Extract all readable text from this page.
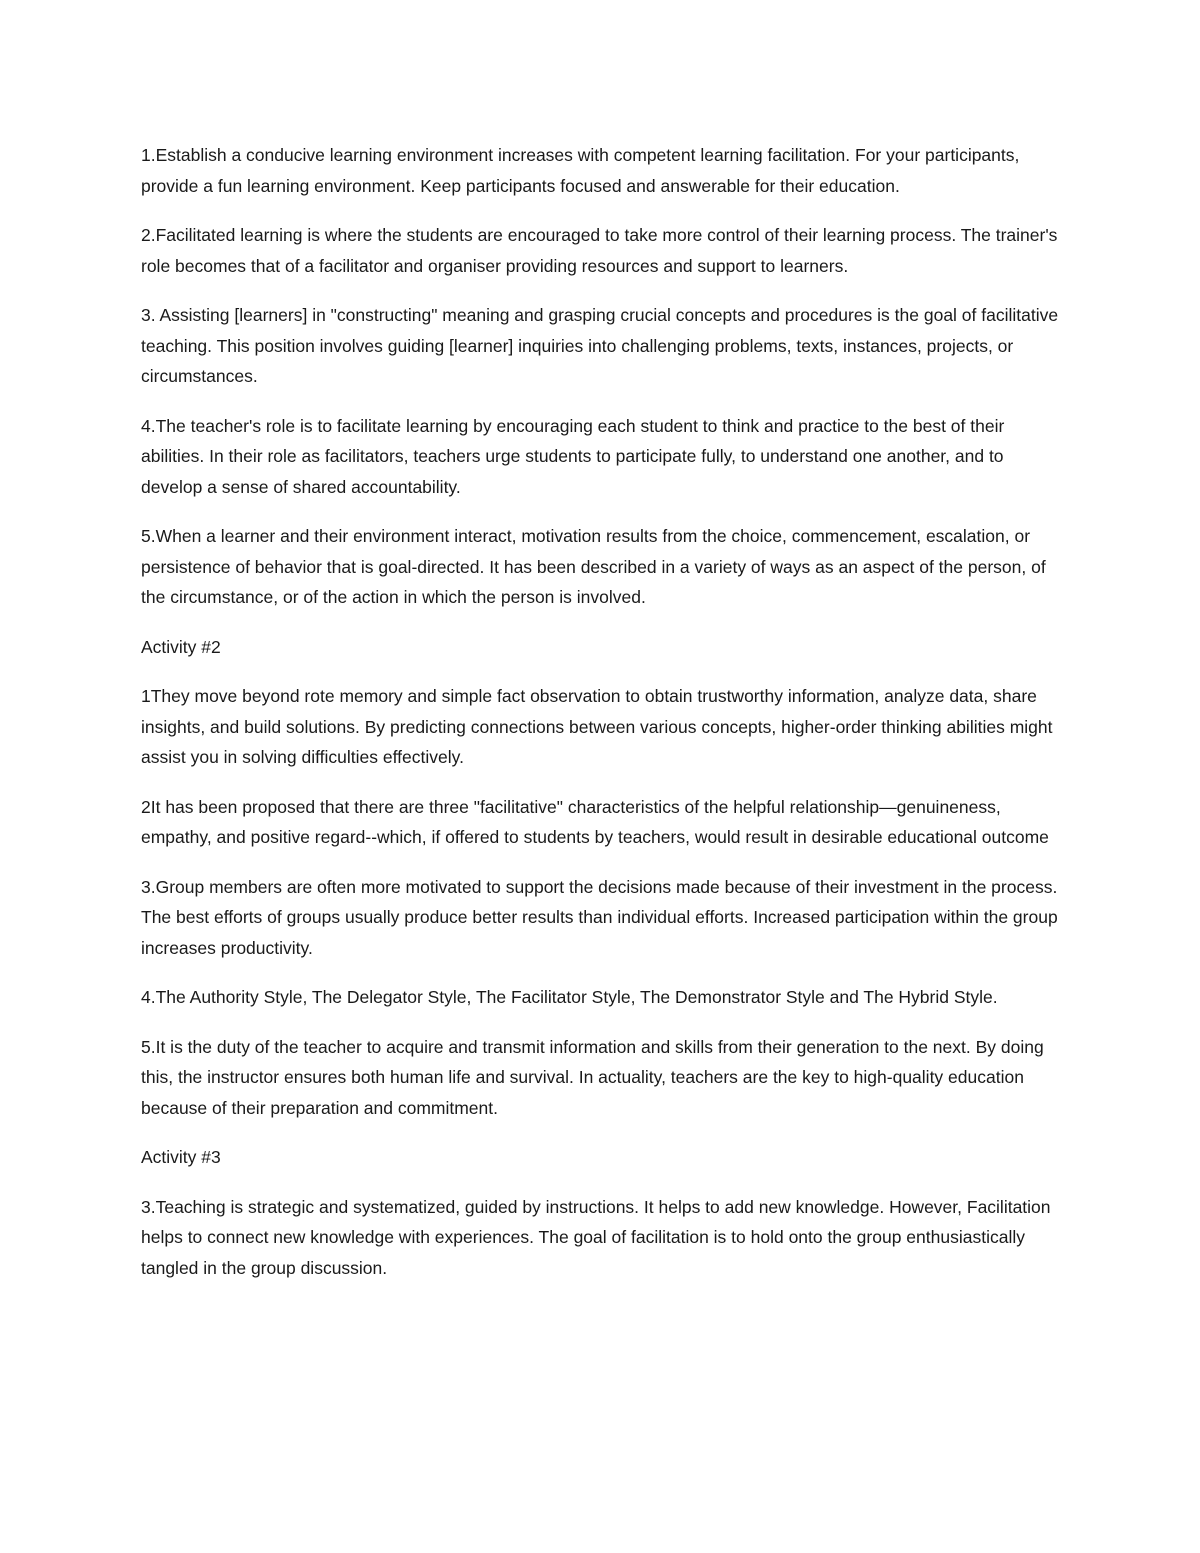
1.Establish a conducive learning environment increases with competent learning facilitation. For your participants, provide a fun learning environment. Keep participants focused and answerable for their education.

2.Facilitated learning is where the students are encouraged to take more control of their learning process. The trainer's role becomes that of a facilitator and organiser providing resources and support to learners.

3. Assisting [learners] in "constructing" meaning and grasping crucial concepts and procedures is the goal of facilitative teaching. This position involves guiding [learner] inquiries into challenging problems, texts, instances, projects, or circumstances.

4.The teacher's role is to facilitate learning by encouraging each student to think and practice to the best of their abilities. In their role as facilitators, teachers urge students to participate fully, to understand one another, and to develop a sense of shared accountability.

5.When a learner and their environment interact, motivation results from the choice, commencement, escalation, or persistence of behavior that is goal-directed. It has been described in a variety of ways as an aspect of the person, of the circumstance, or of the action in which the person is involved.

Activity #2

1They move beyond rote memory and simple fact observation to obtain trustworthy information, analyze data, share insights, and build solutions. By predicting connections between various concepts, higher-order thinking abilities might assist you in solving difficulties effectively.

2It has been proposed that there are three "facilitative" characteristics of the helpful relationship—genuineness, empathy, and positive regard--which, if offered to students by teachers, would result in desirable educational outcome

3.Group members are often more motivated to support the decisions made because of their investment in the process. The best efforts of groups usually produce better results than individual efforts. Increased participation within the group increases productivity.

4.The Authority Style, The Delegator Style, The Facilitator Style, The Demonstrator Style and The Hybrid Style.

5.It is the duty of the teacher to acquire and transmit information and skills from their generation to the next. By doing this, the instructor ensures both human life and survival. In actuality, teachers are the key to high-quality education because of their preparation and commitment.

Activity #3

3.Teaching is strategic and systematized, guided by instructions. It helps to add new knowledge. However, Facilitation helps to connect new knowledge with experiences. The goal of facilitation is to hold onto the group enthusiastically tangled in the group discussion.
